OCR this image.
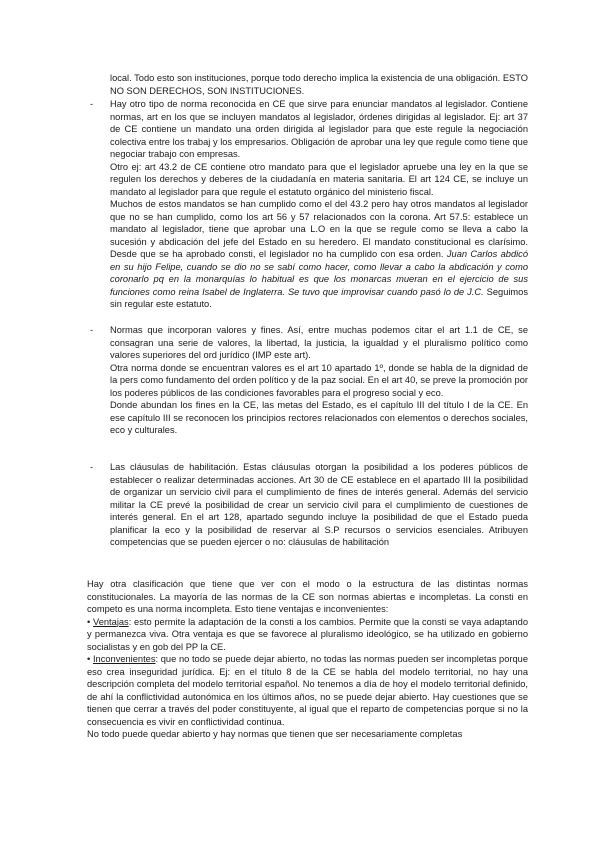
local. Todo esto son instituciones, porque todo derecho implica la existencia de una obligación. ESTO NO SON DERECHOS, SON INSTITUCIONES.

- Hay otro tipo de norma reconocida en CE que sirve para enunciar mandatos al legislador. Contiene normas, art en los que se incluyen mandatos al legislador, órdenes dirigidas al legislador. Ej: art 37 de CE contiene un mandato una orden dirigida al legislador para que este regule la negociación colectiva entre los trabaj y los empresarios. Obligación de aprobar una ley que regule como tiene que negociar trabajo con empresas.

Otro ej: art 43.2 de CE contiene otro mandato para que el legislador apruebe una ley en la que se regulen los derechos y deberes de la ciudadanía en materia sanitaria. El art 124 CE, se incluye un mandato al legislador para que regule el estatuto orgánico del ministerio fiscal.

Muchos de estos mandatos se han cumplido como el del 43.2 pero hay otros mandatos al legislador que no se han cumplido, como los art 56 y 57 relacionados con la corona. Art 57.5: establece un mandato al legislador, tiene que aprobar una L.O en la que se regule como se lleva a cabo la sucesión y abdicación del jefe del Estado en su heredero. El mandato constitucional es clarísimo. Desde que se ha aprobado consti, el legislador no ha cumplido con esa orden. Juan Carlos abdicó en su hijo Felipe, cuando se dio no se sabí como hacer, como llevar a cabo la abdicación y como coronarlo pq en la monarquías lo habitual es que los monarcas mueran en el ejercicio de sus funciones como reina Isabel de Inglaterra. Se tuvo que improvisar cuando pasó lo de J.C. Seguimos sin regular este estatuto.

- Normas que incorporan valores y fines. Así, entre muchas podemos citar el art 1.1 de CE, se consagran una serie de valores, la libertad, la justicia, la igualdad y el pluralismo político como valores superiores del ord jurídico (IMP este art).

Otra norma donde se encuentran valores es el art 10 apartado 1º, donde se habla de la dignidad de la pers como fundamento del orden político y de la paz social. En el art 40, se preve la promoción por los poderes públicos de las condiciones favorables para el progreso social y eco.

Donde abundan los fines en la CE, las metas del Estado, es el capítulo III del título I de la CE. En ese capítulo III se reconocen los principios rectores relacionados con elementos o derechos sociales, eco y culturales.

- Las cláusulas de habilitación. Estas cláusulas otorgan la posibilidad a los poderes públicos de establecer o realizar determinadas acciones. Art 30 de CE establece en el apartado III la posibilidad de organizar un servicio civil para el cumplimiento de fines de interés general. Además del servicio militar la CE prevé la posibilidad de crear un servicio civil para el cumplimiento de cuestiones de interés general. En el art 128, apartado segundo incluye la posibilidad de que el Estado pueda planificar la eco y la posibilidad de reservar al S.P recursos o servicios esenciales. Atribuyen competencias que se pueden ejercer o no: cláusulas de habilitación

Hay otra clasificación que tiene que ver con el modo o la estructura de las distintas normas constitucionales. La mayoría de las normas de la CE son normas abiertas e incompletas. La consti en competo es una norma incompleta. Esto tiene ventajas e inconvenientes:

• Ventajas: esto permite la adaptación de la consti a los cambios. Permite que la consti se vaya adaptando y permanezca viva. Otra ventaja es que se favorece al pluralismo ideológico, se ha utilizado en gobierno socialistas y en gob del PP la CE.

• Inconvenientes: que no todo se puede dejar abierto, no todas las normas pueden ser incompletas porque eso crea inseguridad jurídica. Ej: en el título 8 de la CE se habla del modelo territorial, no hay una descripción completa del modelo territorial español. No tenemos a día de hoy el modelo territorial definido, de ahí la conflictividad autonómica en los últimos años, no se puede dejar abierto. Hay cuestiones que se tienen que cerrar a través del poder constituyente, al igual que el reparto de competencias porque si no la consecuencia es vivir en conflictividad continua.

No todo puede quedar abierto y hay normas que tienen que ser necesariamente completas
